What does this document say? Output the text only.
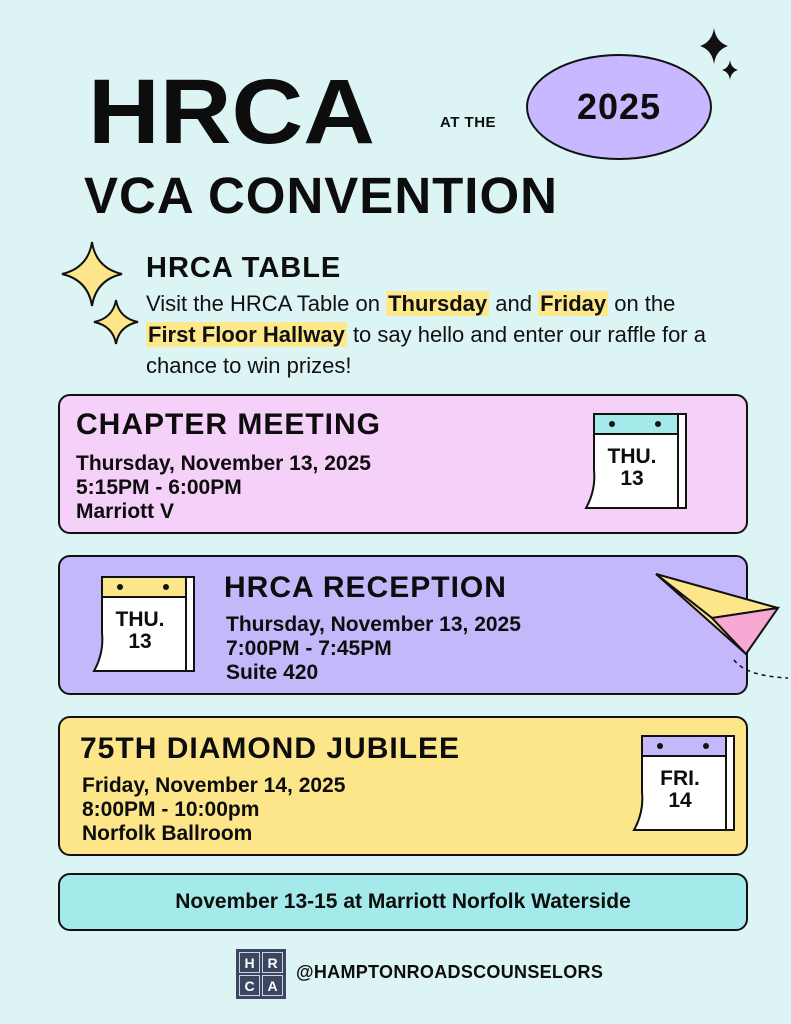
HRCA	AT THE 2025
VCA CONVENTION
HRCA TABLE
Visit the HRCA Table on Thursday and Friday on the First Floor Hallway to say hello and enter our raffle for a chance to win prizes!
CHAPTER MEETING
Thursday, November 13, 2025
5:15PM - 6:00PM
Marriott V
THU.
13
THU.
13
HRCA RECEPTION
Thursday, November 13, 2025
7:00PM - 7:45PM
Suite 420
75TH DIAMOND JUBILEE
Friday, November 14, 2025
8:00PM - 10:00pm
Norfolk Ballroom
FRI.
14
November 13-15 at Marriott Norfolk Waterside
H R
C A
@HAMPTONROADSCOUNSELORS
